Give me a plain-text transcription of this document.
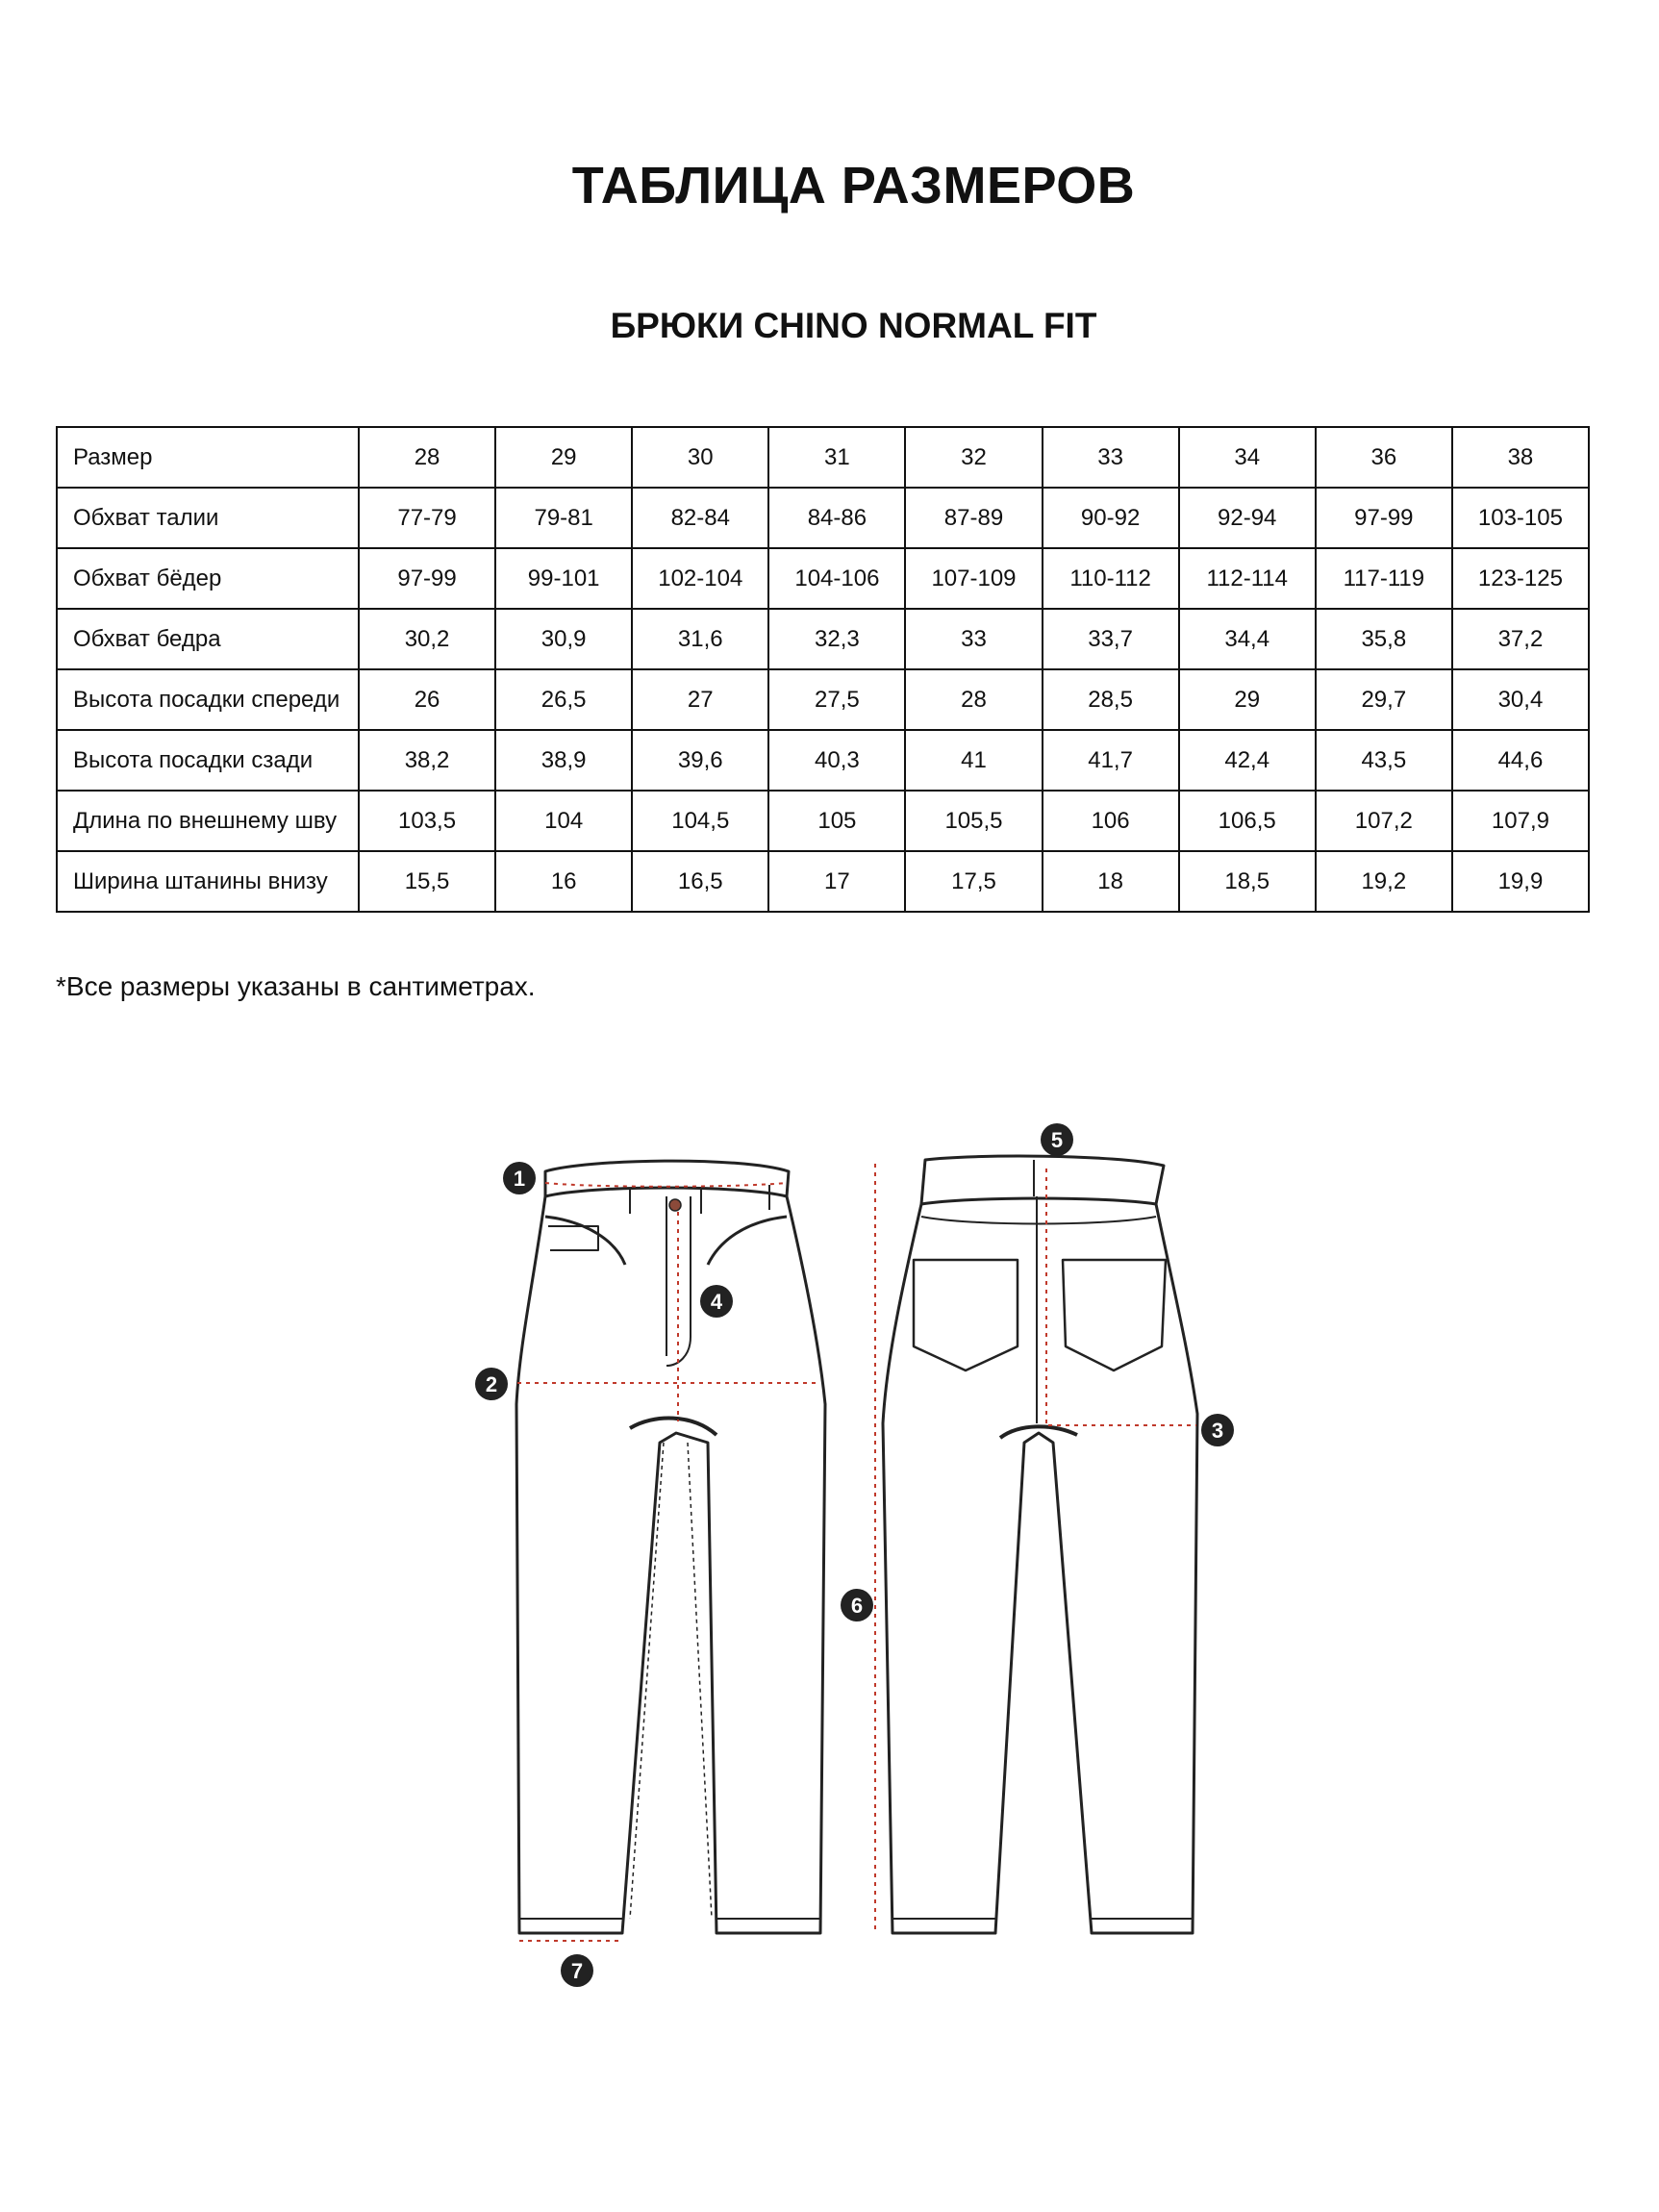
ТАБЛИЦА РАЗМЕРОВ
БРЮКИ CHINO NORMAL FIT
Размер	28	29	30	31	32	33	34	36	38
Обхват талии	77-79	79-81	82-84	84-86	87-89	90-92	92-94	97-99	103-105
Обхват бёдер	97-99	99-101	102-104	104-106	107-109	110-112	112-114	117-119	123-125
Обхват бедра	30,2	30,9	31,6	32,3	33	33,7	34,4	35,8	37,2
Высота посадки спереди	26	26,5	27	27,5	28	28,5	29	29,7	30,4
Высота посадки сзади	38,2	38,9	39,6	40,3	41	41,7	42,4	43,5	44,6
Длина по внешнему шву	103,5	104	104,5	105	105,5	106	106,5	107,2	107,9
Ширина штанины внизу	15,5	16	16,5	17	17,5	18	18,5	19,2	19,9
*Все размеры указаны в сантиметрах.
1
2
3
4
5
6
7
